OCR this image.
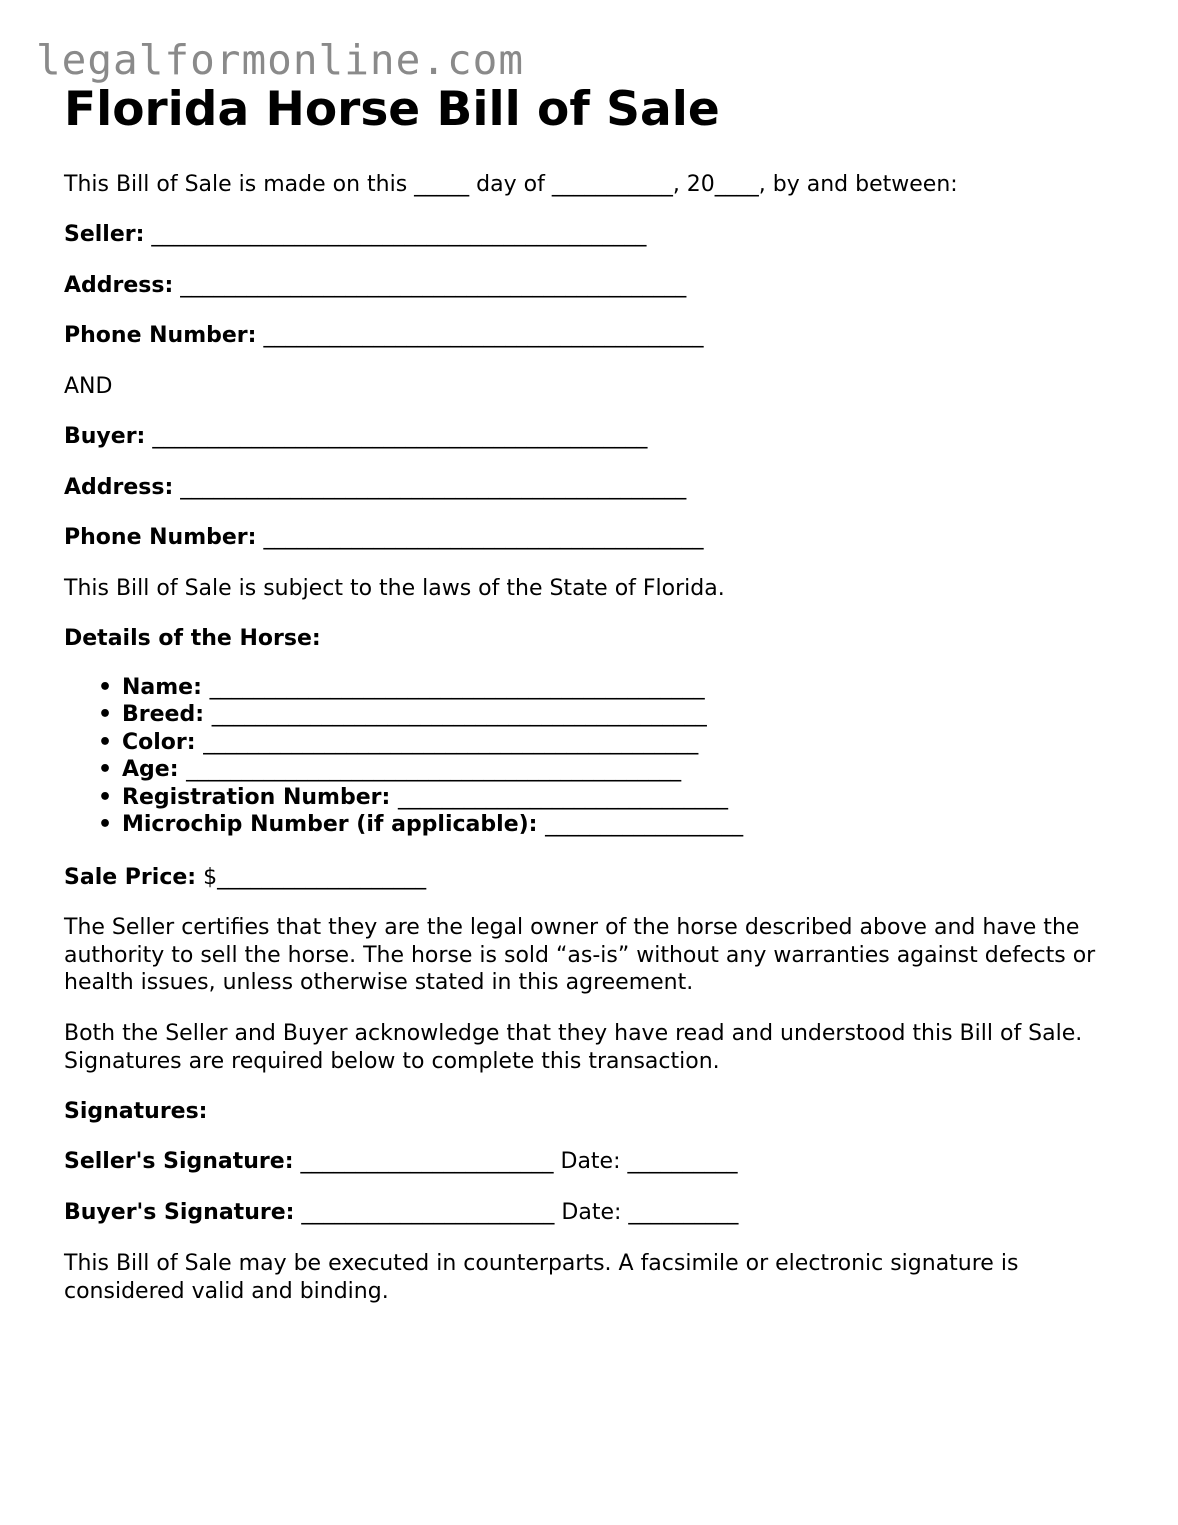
legalformonline.com
Florida Horse Bill of Sale
This Bill of Sale is made on this _____ day of ___________, 20____, by and between:
Seller: _____________________________________________
Address: ______________________________________________
Phone Number: ________________________________________
AND
Buyer: _____________________________________________
Address: ______________________________________________
Phone Number: ________________________________________
This Bill of Sale is subject to the laws of the State of Florida.
Details of the Horse:
• Name: _____________________________________________
• Breed: _____________________________________________
• Color: _____________________________________________
• Age: _____________________________________________
• Registration Number: ______________________________
• Microchip Number (if applicable): __________________
Sale Price: $___________________

The Seller certifies that they are the legal owner of the horse described above and have the authority to sell the horse. The horse is sold “as-is” without any warranties against defects or health issues, unless otherwise stated in this agreement.

Both the Seller and Buyer acknowledge that they have read and understood this Bill of Sale. Signatures are required below to complete this transaction.

Signatures:
Seller's Signature: _______________________ Date: __________
Buyer's Signature: _______________________ Date: __________

This Bill of Sale may be executed in counterparts. A facsimile or electronic signature is considered valid and binding.
